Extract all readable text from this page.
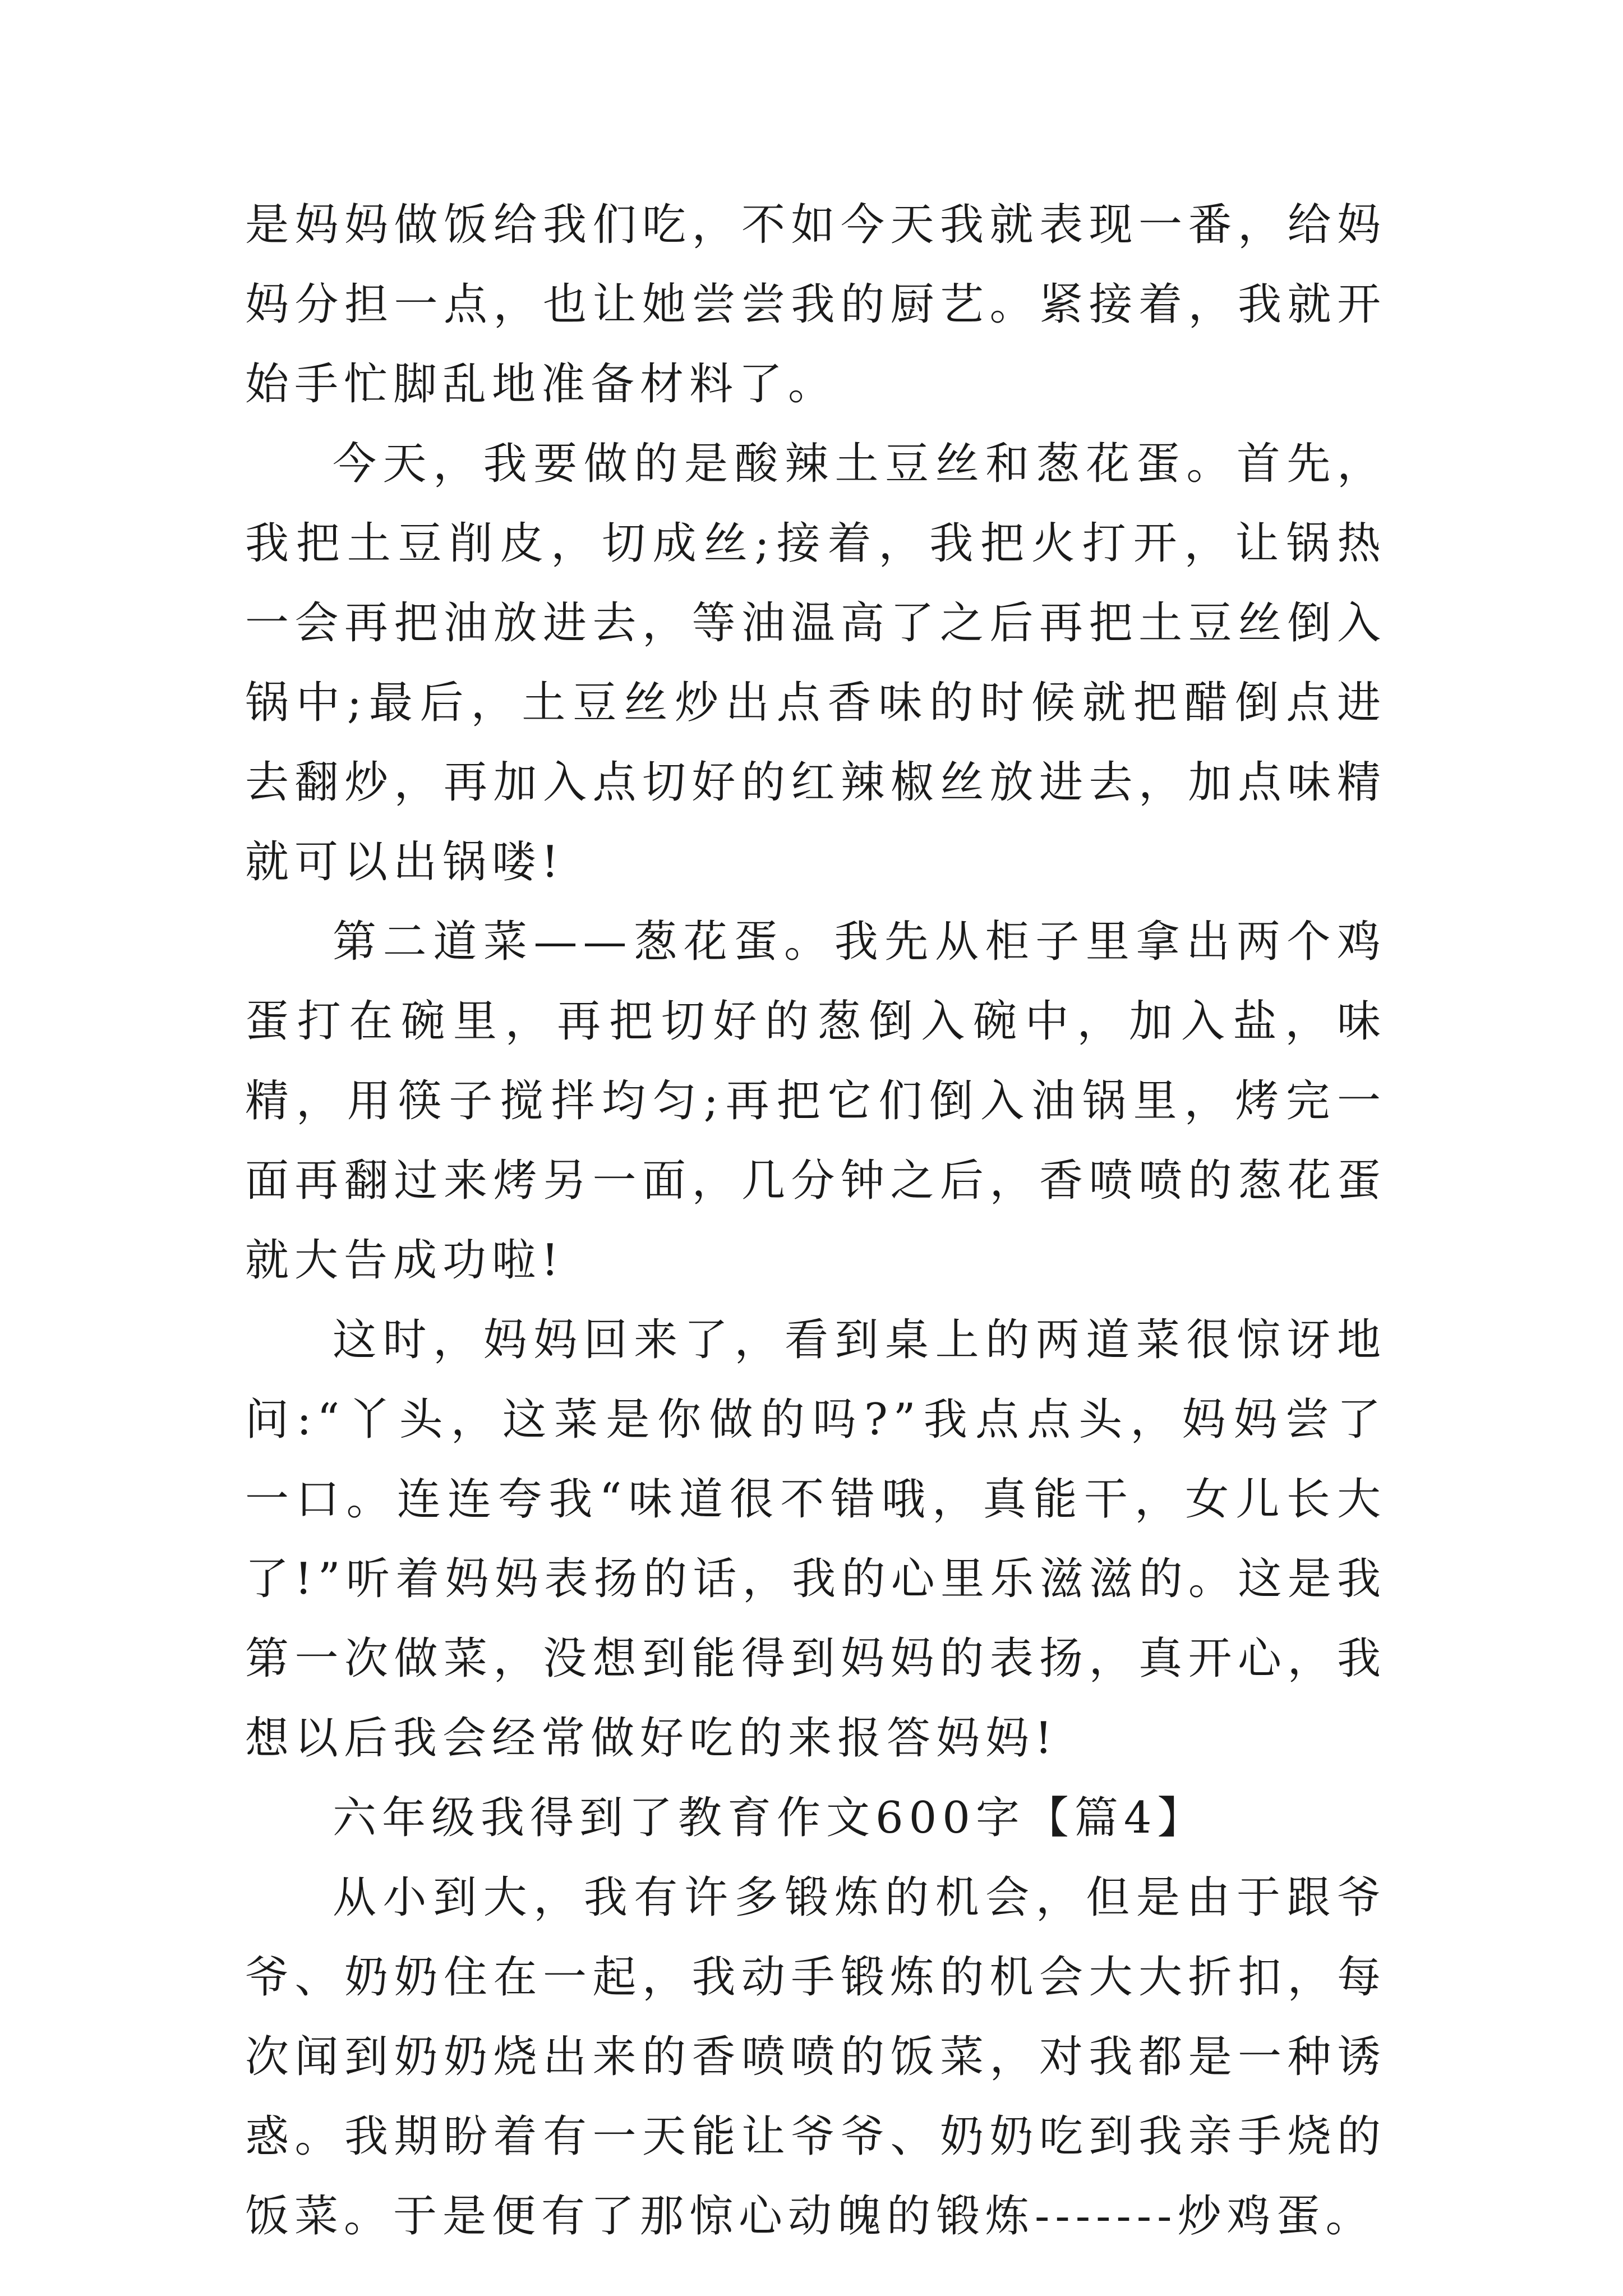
是妈妈做饭给我们吃，不如今天我就表现一番，给妈妈分担一点，也让她尝尝我的厨艺。紧接着，我就开始手忙脚乱地准备材料了。

今天，我要做的是酸辣土豆丝和葱花蛋。首先，我把土豆削皮，切成丝;接着，我把火打开，让锅热一会再把油放进去，等油温高了之后再把土豆丝倒入锅中;最后，土豆丝炒出点香味的时候就把醋倒点进去翻炒，再加入点切好的红辣椒丝放进去，加点味精就可以出锅喽!

第二道菜——葱花蛋。我先从柜子里拿出两个鸡蛋打在碗里，再把切好的葱倒入碗中，加入盐，味精，用筷子搅拌均匀;再把它们倒入油锅里，烤完一面再翻过来烤另一面，几分钟之后，香喷喷的葱花蛋就大告成功啦!

这时，妈妈回来了，看到桌上的两道菜很惊讶地问:“丫头，这菜是你做的吗?”我点点头，妈妈尝了一口。连连夸我“味道很不错哦，真能干，女儿长大了!”听着妈妈表扬的话，我的心里乐滋滋的。这是我第一次做菜，没想到能得到妈妈的表扬，真开心，我想以后我会经常做好吃的来报答妈妈!

六年级我得到了教育作文600字【篇4】

从小到大，我有许多锻炼的机会，但是由于跟爷爷、奶奶住在一起，我动手锻炼的机会大大折扣，每次闻到奶奶烧出来的香喷喷的饭菜，对我都是一种诱惑。我期盼着有一天能让爷爷、奶奶吃到我亲手烧的饭菜。于是便有了那惊心动魄的锻炼-------炒鸡蛋。
